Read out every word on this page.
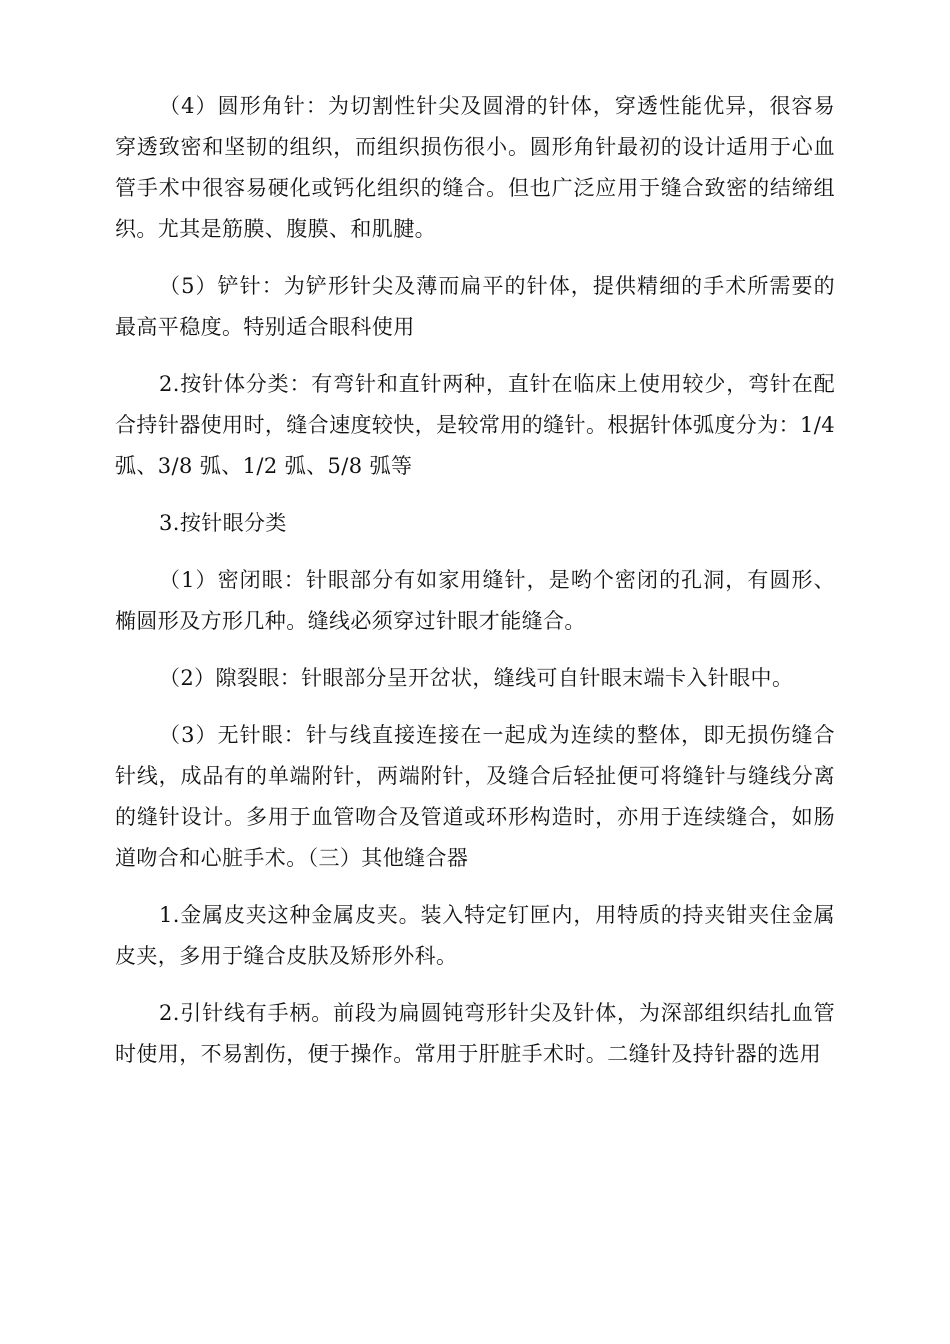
（4）圆形角针：为切割性针尖及圆滑的针体，穿透性能优异，很容易穿透致密和坚韧的组织，而组织损伤很小。圆形角针最初的设计适用于心血管手术中很容易硬化或钙化组织的缝合。但也广泛应用于缝合致密的结缔组织。尤其是筋膜、腹膜、和肌腱。

（5）铲针：为铲形针尖及薄而扁平的针体，提供精细的手术所需要的最高平稳度。特别适合眼科使用

2.按针体分类：有弯针和直针两种，直针在临床上使用较少，弯针在配合持针器使用时，缝合速度较快，是较常用的缝针。根据针体弧度分为：1/4 弧、3/8 弧、1/2 弧、5/8 弧等

3.按针眼分类

（1）密闭眼：针眼部分有如家用缝针，是哟个密闭的孔洞，有圆形、椭圆形及方形几种。缝线必须穿过针眼才能缝合。

（2）隙裂眼：针眼部分呈开岔状，缝线可自针眼末端卡入针眼中。

（3）无针眼：针与线直接连接在一起成为连续的整体，即无损伤缝合针线，成品有的单端附针，两端附针，及缝合后轻扯便可将缝针与缝线分离的缝针设计。多用于血管吻合及管道或环形构造时，亦用于连续缝合，如肠道吻合和心脏手术。（三）其他缝合器

1.金属皮夹这种金属皮夹。装入特定钉匣内，用特质的持夹钳夹住金属皮夹，多用于缝合皮肤及矫形外科。

2.引针线有手柄。前段为扁圆钝弯形针尖及针体，为深部组织结扎血管时使用，不易割伤，便于操作。常用于肝脏手术时。二缝针及持针器的选用
